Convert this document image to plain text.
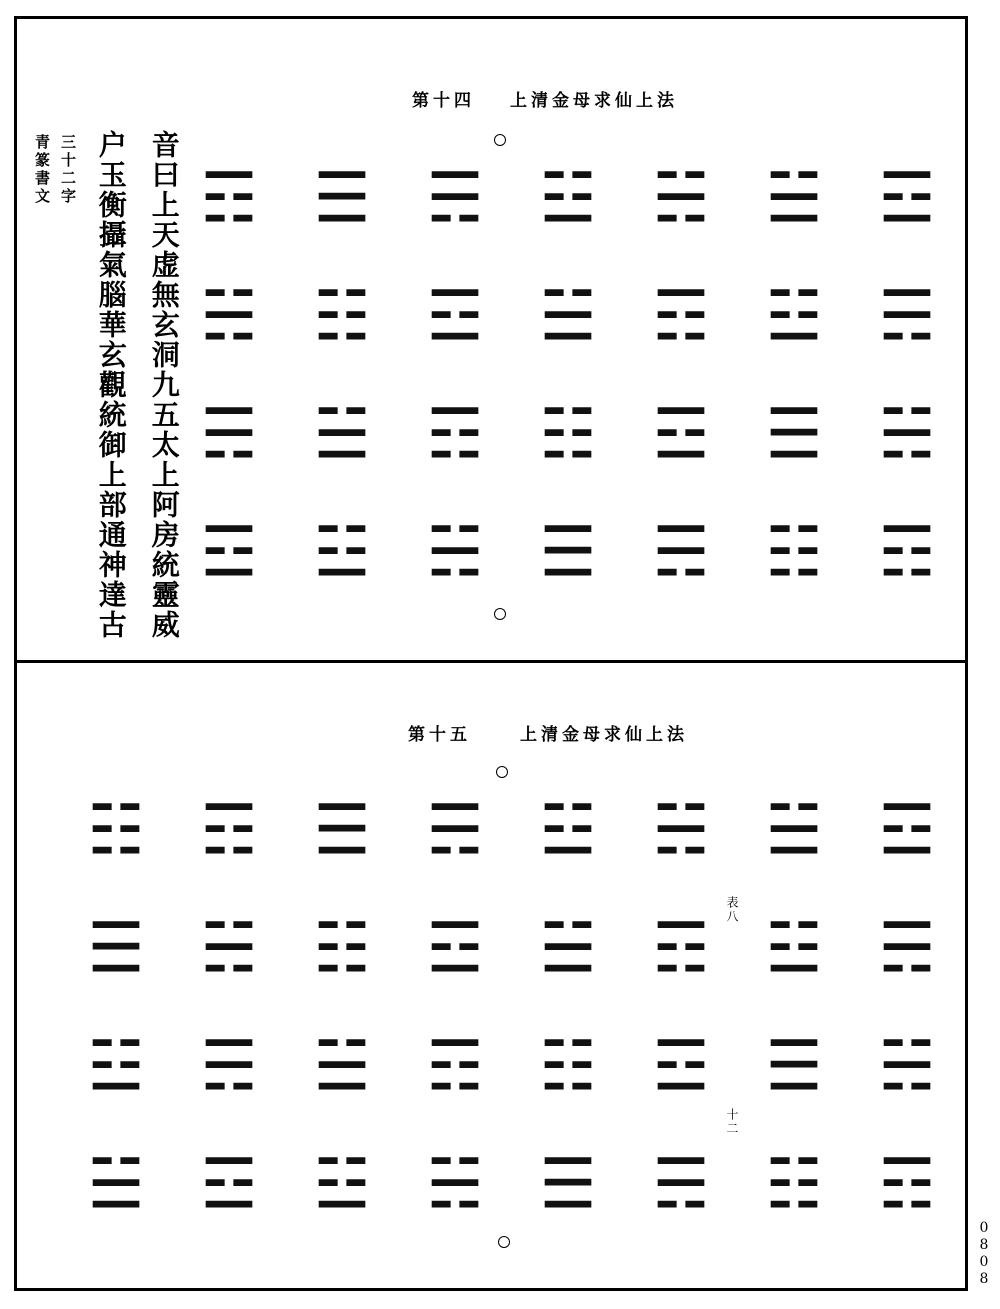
上清金母求仙上法
第十四
☲
☴
☵
☶
☱
☳
☰
☷
☵
☶
☲
☴
☳
☱
☷
☰
☴
☲
☶
☵
☰
☷
☱
☳
☶
☵
☴
☲
音曰上天虚無玄洞九五太上阿房統靈威
户玉衡攝氣腦華玄觀統御上部通神達古
三十二字
青篆書文
上清金母求仙上法
第十五
☲
☴
☵
☶
☱
☳
☰
☷
☵
☶
☲
☴
☳
☱
☷
☰
☴
☲
☶
☵
☰
☷
☱
☳
☶
☵
☴
☲
☷
☰
☳
☱
表八
十二
0808
